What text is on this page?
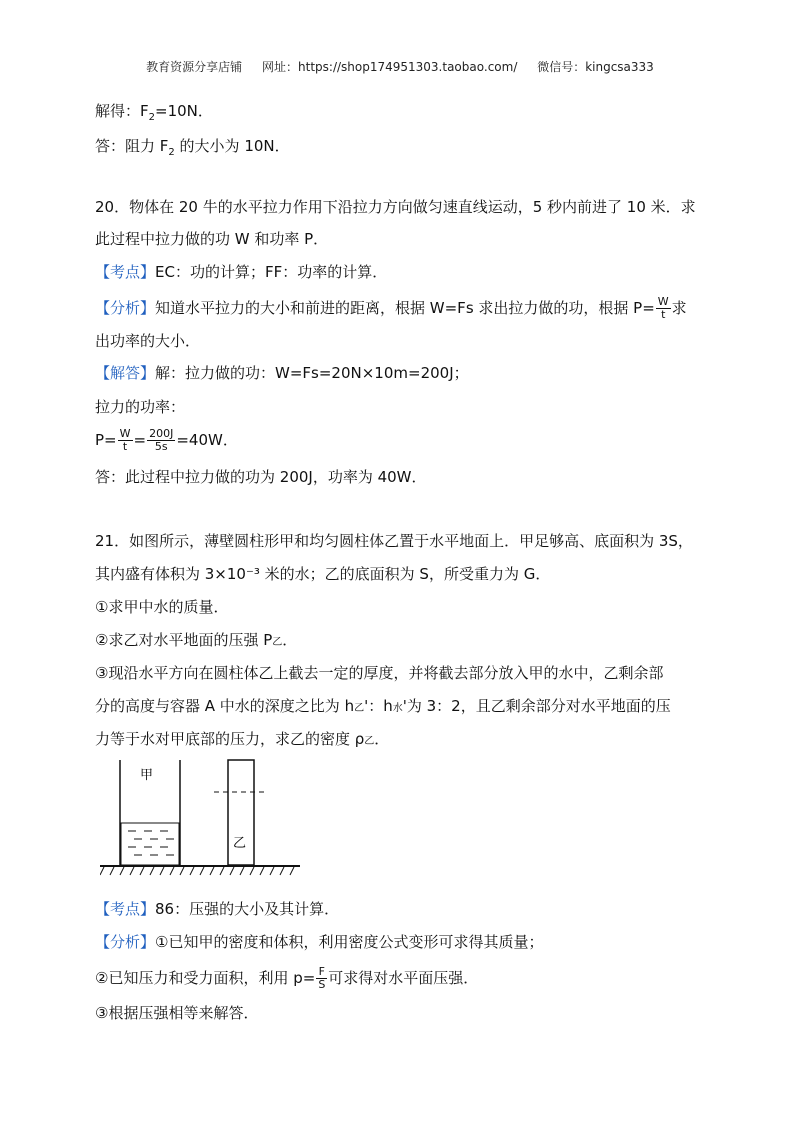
教育资源分享店铺 网址：https://shop174951303.taobao.com/ 微信号：kingcsa333
解得：$F_2=10N$．
答：阻力 $F_2$ 的大小为 10N．
20．物体在 20 牛的水平拉力作用下沿拉力方向做匀速直线运动，5 秒内前进了 10 米．求
此过程中拉力做的功 W 和功率 P．
【考点】EC：功的计算；FF：功率的计算．
【分析】知道水平拉力的大小和前进的距离，根据 W=Fs 求出拉力做的功，根据 $P= \frac{W}{t}$ 求
出功率的大小．
【解答】解：拉力做的功：W=Fs=20N×10m=200J；
拉力的功率：
$P= \frac{W}{t} = \frac{200J}{5s} =40W$．
答：此过程中拉力做的功为 200J，功率为 40W．
21．如图所示，薄壁圆柱形甲和均匀圆柱体乙置于水平地面上．甲足够高、底面积为 3S，
其内盛有体积为 3×10⁻³ 米的水；乙的底面积为 S，所受重力为 G．
①求甲中水的质量．
②求乙对水平地面的压强 P乙．
③现沿水平方向在圆柱体乙上截去一定的厚度，并将截去部分放入甲的水中，乙剩余部
分的高度与容器 A 中水的深度之比为 h乙'：h水'为 3：2，且乙剩余部分对水平地面的压
力等于水对甲底部的压力，求乙的密度 ρ乙．
甲
乙
【考点】86：压强的大小及其计算．
【分析】①已知甲的密度和体积，利用密度公式变形可求得其质量；
②已知压力和受力面积，利用 $p= \frac{F}{S}$ 可求得对水平面压强．
③根据压强相等来解答．
